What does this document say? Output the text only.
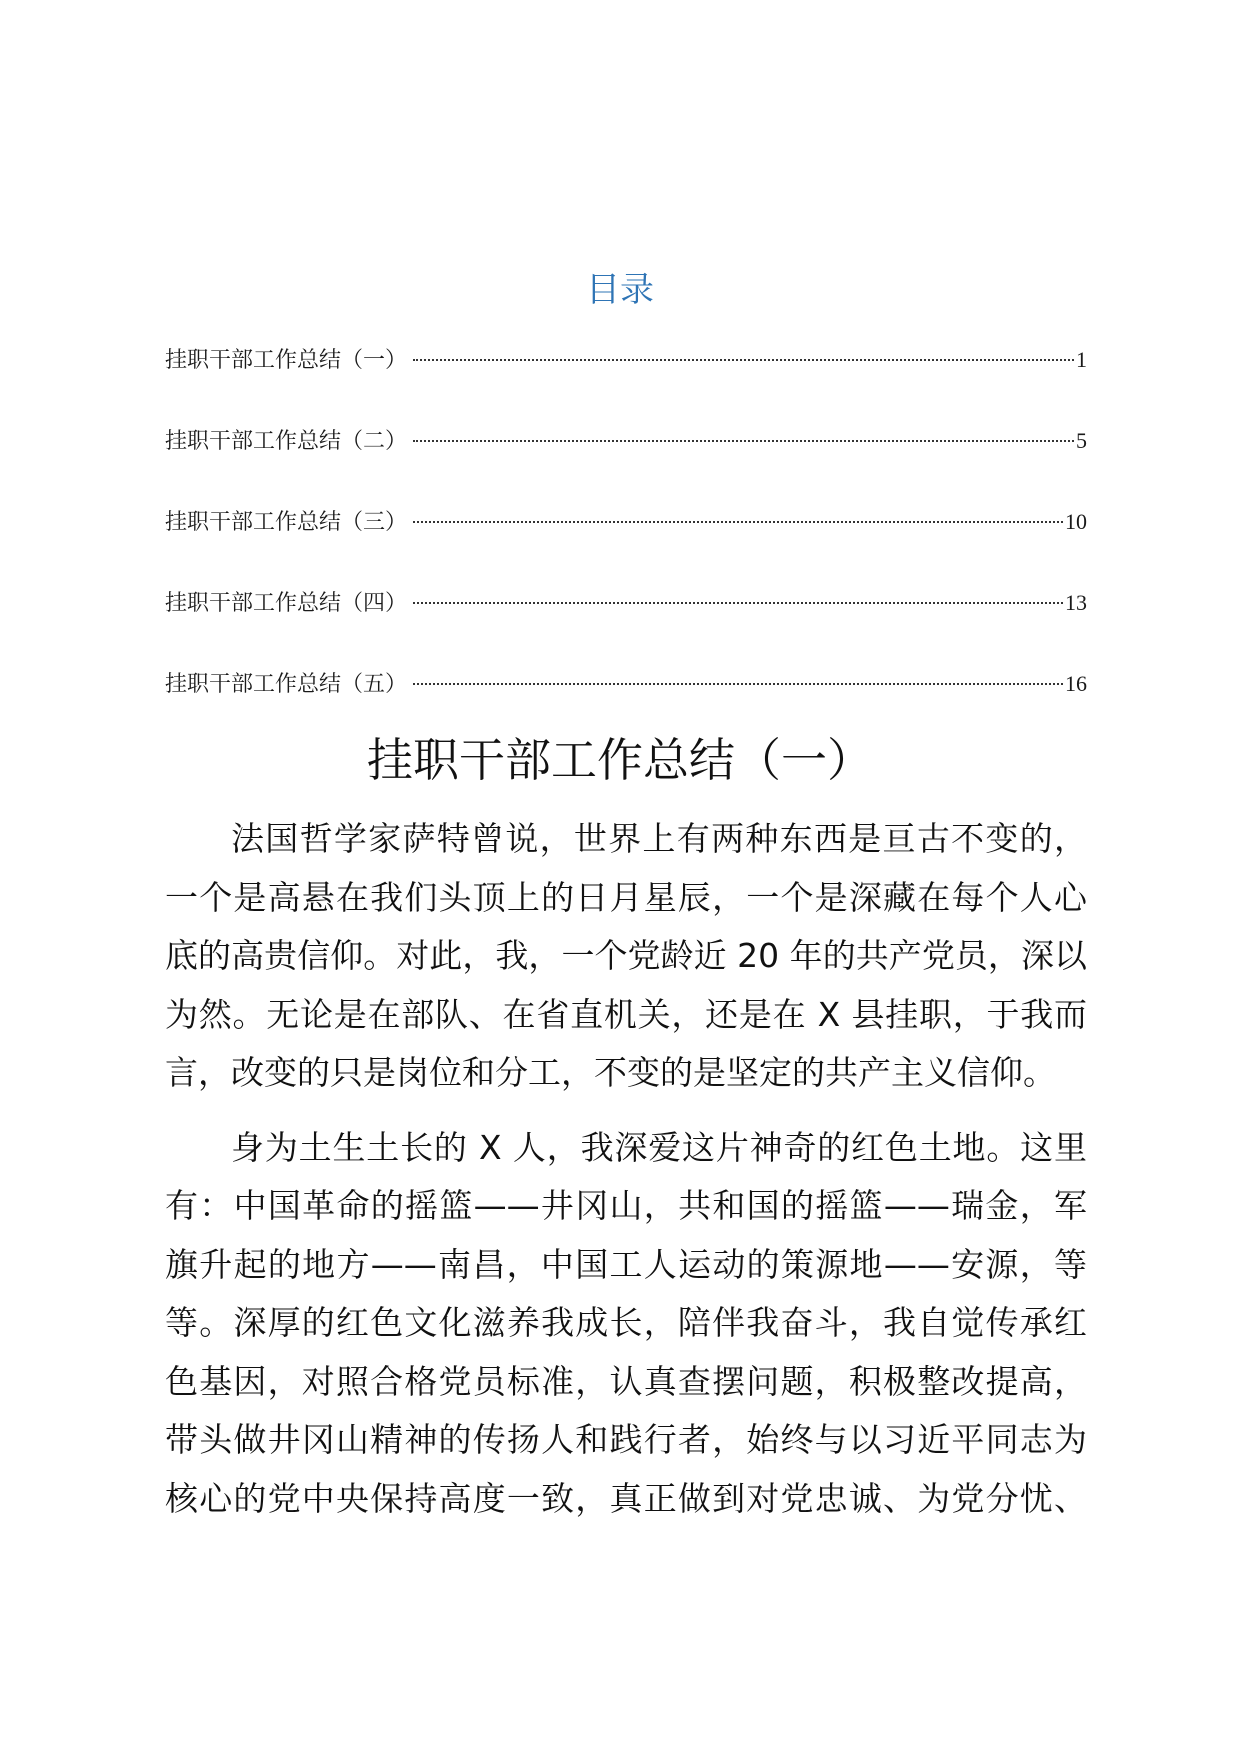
目录
挂职干部工作总结（一）	1
挂职干部工作总结（二）	5
挂职干部工作总结（三）	10
挂职干部工作总结（四）	13
挂职干部工作总结（五）	16
挂职干部工作总结（一）

法国哲学家萨特曾说，世界上有两种东西是亘古不变的，
一个是高悬在我们头顶上的日月星辰，一个是深藏在每个人心
底的高贵信仰。对此，我，一个党龄近 20 年的共产党员，深以
为然。无论是在部队、在省直机关，还是在 X 县挂职，于我而
言，改变的只是岗位和分工，不变的是坚定的共产主义信仰。

身为土生土长的 X 人，我深爱这片神奇的红色土地。这里
有：中国革命的摇篮——井冈山，共和国的摇篮——瑞金，军
旗升起的地方——南昌，中国工人运动的策源地——安源，等
等。深厚的红色文化滋养我成长，陪伴我奋斗，我自觉传承红
色基因，对照合格党员标准，认真查摆问题，积极整改提高，
带头做井冈山精神的传扬人和践行者，始终与以习近平同志为
核心的党中央保持高度一致，真正做到对党忠诚、为党分忧、
